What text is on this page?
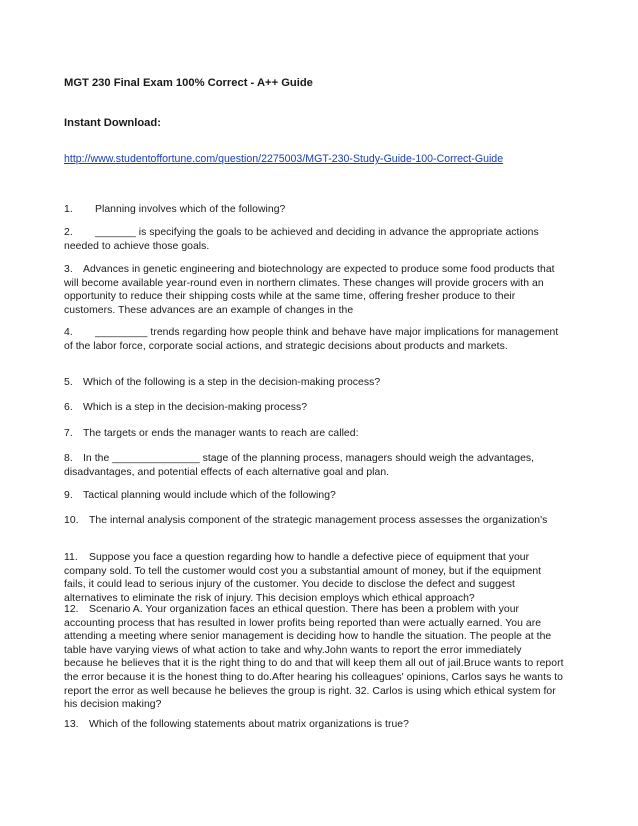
MGT 230 Final Exam 100% Correct - A++ Guide
Instant Download:
http://www.studentoffortune.com/question/2275003/MGT-230-Study-Guide-100-Correct-Guide
1. Planning involves which of the following?
2. _______ is specifying the goals to be achieved and deciding in advance the appropriate actions needed to achieve those goals.
3. Advances in genetic engineering and biotechnology are expected to produce some food products that will become available year-round even in northern climates. These changes will provide grocers with an opportunity to reduce their shipping costs while at the same time, offering fresher produce to their customers. These advances are an example of changes in the
4. _________ trends regarding how people think and behave have major implications for management of the labor force, corporate social actions, and strategic decisions about products and markets.
5. Which of the following is a step in the decision-making process?
6. Which is a step in the decision-making process?
7. The targets or ends the manager wants to reach are called:
8. In the _______________ stage of the planning process, managers should weigh the advantages, disadvantages, and potential effects of each alternative goal and plan.
9. Tactical planning would include which of the following?
10. The internal analysis component of the strategic management process assesses the organization's
11. Suppose you face a question regarding how to handle a defective piece of equipment that your company sold. To tell the customer would cost you a substantial amount of money, but if the equipment fails, it could lead to serious injury of the customer. You decide to disclose the defect and suggest alternatives to eliminate the risk of injury. This decision employs which ethical approach?
12. Scenario A. Your organization faces an ethical question. There has been a problem with your accounting process that has resulted in lower profits being reported than were actually earned. You are attending a meeting where senior management is deciding how to handle the situation. The people at the table have varying views of what action to take and why.John wants to report the error immediately because he believes that it is the right thing to do and that will keep them all out of jail.Bruce wants to report the error because it is the honest thing to do.After hearing his colleagues' opinions, Carlos says he wants to report the error as well because he believes the group is right. 32. Carlos is using which ethical system for his decision making?
13. Which of the following statements about matrix organizations is true?
